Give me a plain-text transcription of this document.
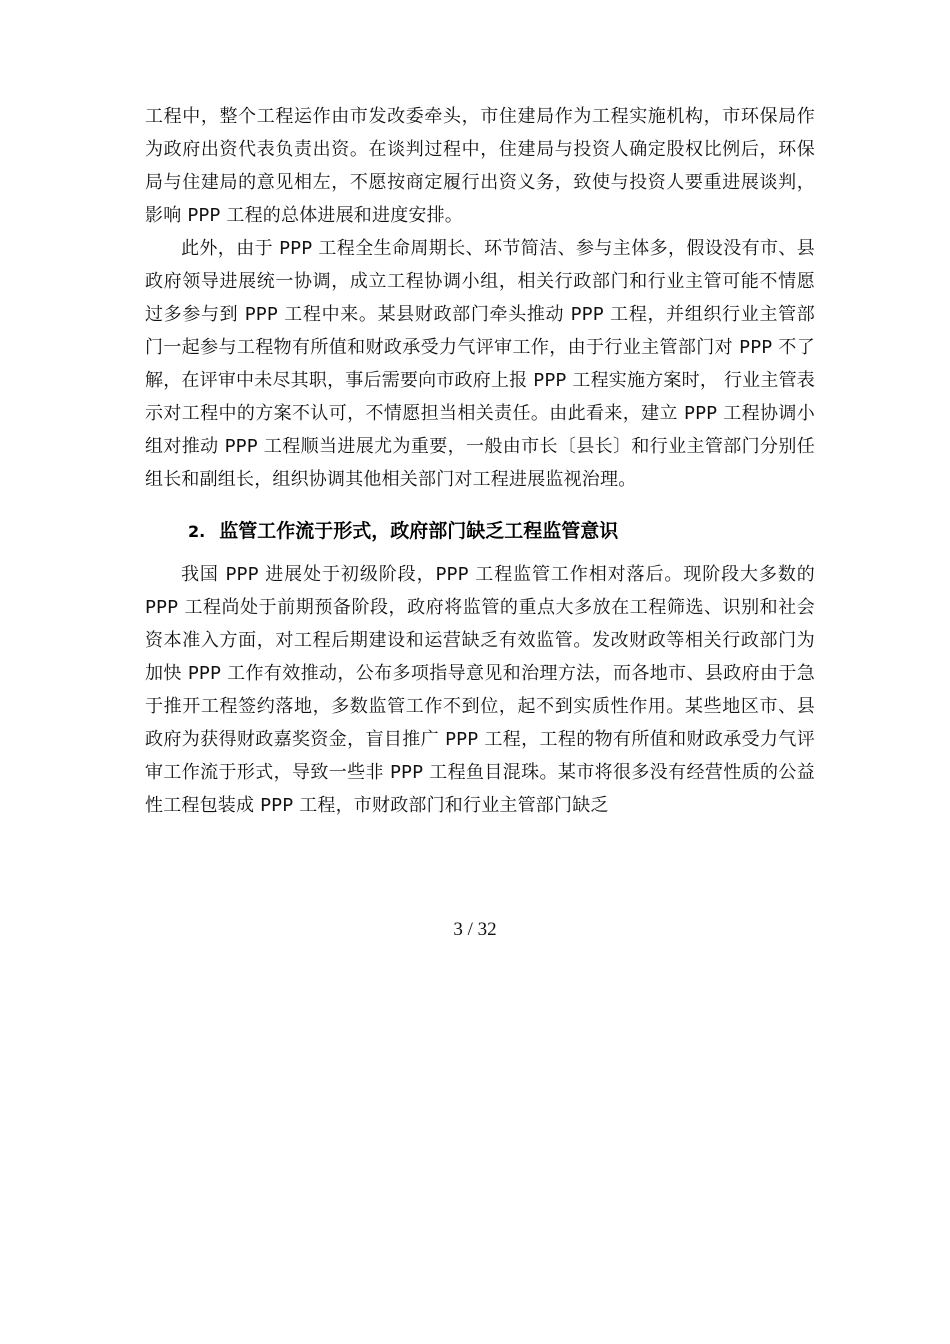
工程中，整个工程运作由市发改委牵头，市住建局作为工程实施机构，市环保局作为政府出资代表负责出资。在谈判过程中，住建局与投资人确定股权比例后，环保局与住建局的意见相左，不愿按商定履行出资义务，致使与投资人要重进展谈判，影响 PPP 工程的总体进展和进度安排。

此外，由于 PPP 工程全生命周期长、环节简洁、参与主体多，假设没有市、县政府领导进展统一协调，成立工程协调小组，相关行政部门和行业主管可能不情愿过多参与到 PPP 工程中来。某县财政部门牵头推动 PPP 工程，并组织行业主管部门一起参与工程物有所值和财政承受力气评审工作，由于行业主管部门对 PPP 不了解，在评审中未尽其职，事后需要向市政府上报 PPP 工程实施方案时， 行业主管表示对工程中的方案不认可，不情愿担当相关责任。由此看来，建立 PPP 工程协调小组对推动 PPP 工程顺当进展尤为重要，一般由市长〔县长〕和行业主管部门分别任组长和副组长，组织协调其他相关部门对工程进展监视治理。

2. 监管工作流于形式，政府部门缺乏工程监管意识

我国 PPP 进展处于初级阶段，PPP 工程监管工作相对落后。现阶段大多数的 PPP 工程尚处于前期预备阶段，政府将监管的重点大多放在工程筛选、识别和社会资本准入方面，对工程后期建设和运营缺乏有效监管。发改财政等相关行政部门为加快 PPP 工作有效推动，公布多项指导意见和治理方法，而各地市、县政府由于急于推开工程签约落地，多数监管工作不到位，起不到实质性作用。某些地区市、县政府为获得财政嘉奖资金，盲目推广 PPP 工程，工程的物有所值和财政承受力气评审工作流于形式，导致一些非 PPP 工程鱼目混珠。某市将很多没有经营性质的公益性工程包装成 PPP 工程，市财政部门和行业主管部门缺乏

3 / 32
